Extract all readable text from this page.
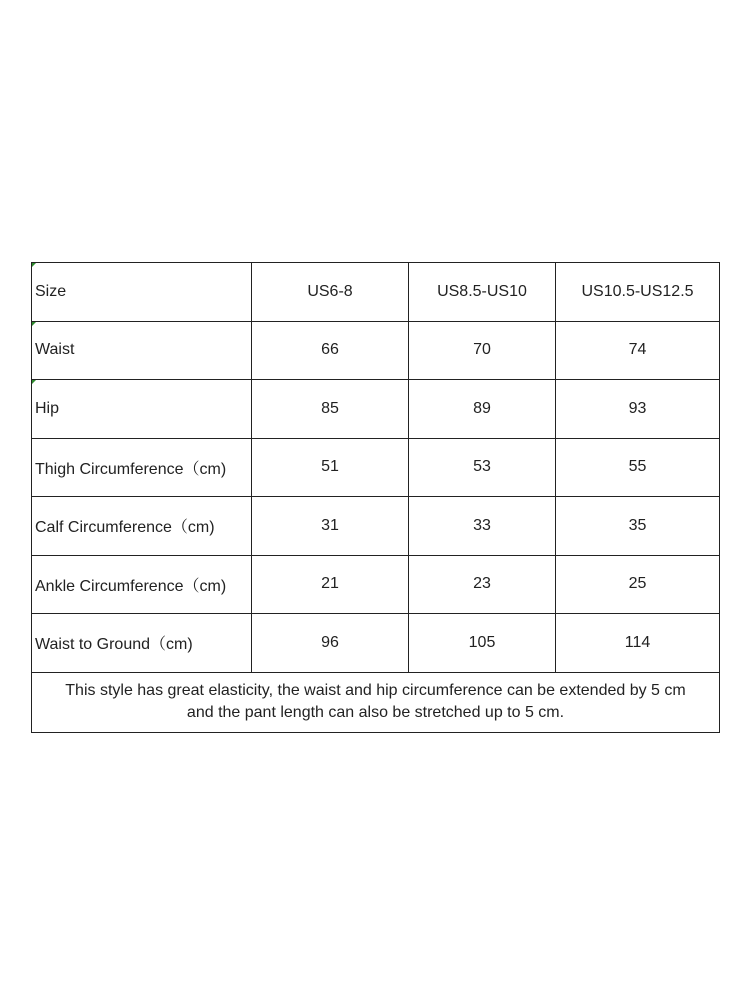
Size	US6-8	US8.5-US10	US10.5-US12.5

Waist	66	70	74

Hip	85	89	93
Thigh Circumference（cm)	51	53	55
Calf Circumference（cm)	31	33	35
Ankle Circumference（cm)	21	23	25
Waist to Ground（cm)	96	105	114

This style has great elasticity, the waist and hip circumference can be extended by 5 cm
and the pant length can also be stretched up to 5 cm.			
